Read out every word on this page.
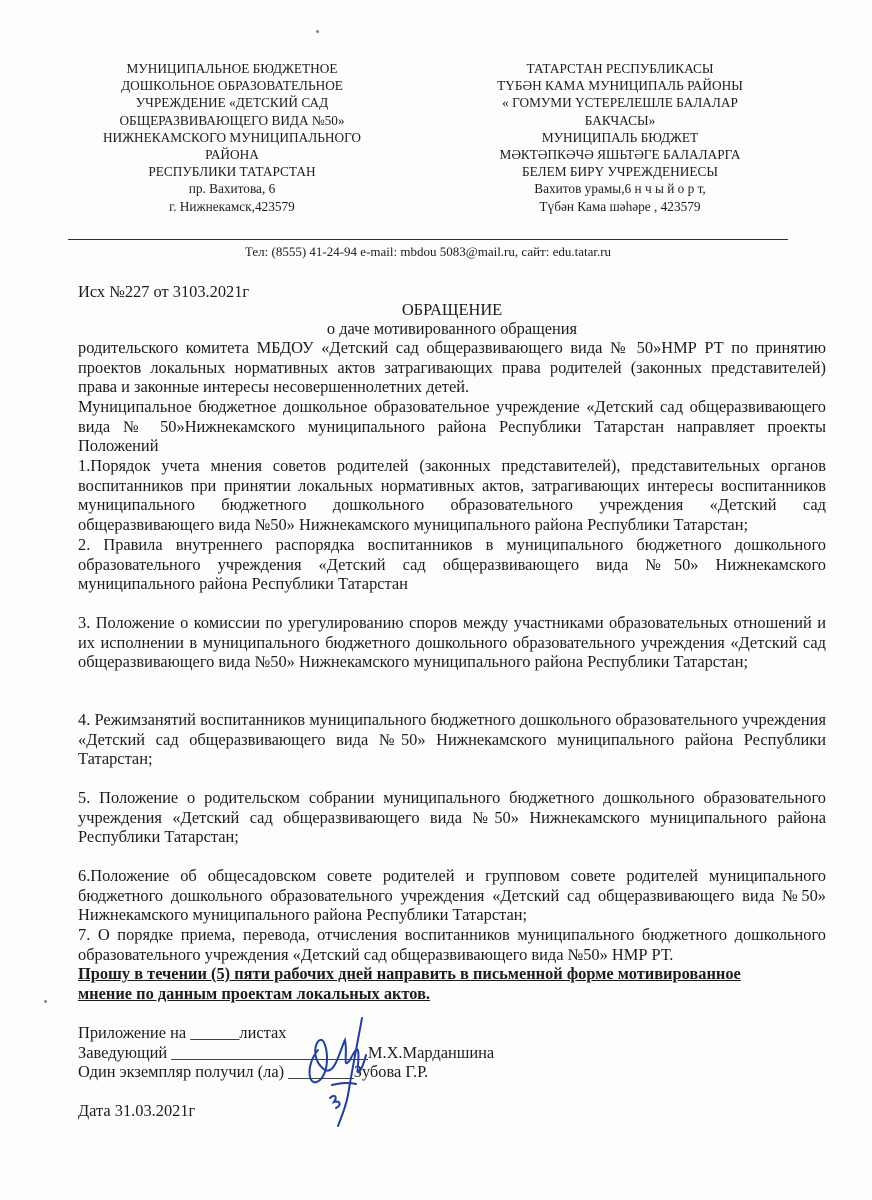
МУНИЦИПАЛЬНОЕ БЮДЖЕТНОЕ
ДОШКОЛЬНОЕ ОБРАЗОВАТЕЛЬНОЕ
УЧРЕЖДЕНИЕ «ДЕТСКИЙ САД
ОБЩЕРАЗВИВАЮЩЕГО ВИДА №50»
НИЖНЕКАМСКОГО МУНИЦИПАЛЬНОГО
РАЙОНА
РЕСПУБЛИКИ ТАТАРСТАН
пр. Вахитова, 6
г. Нижнекамск,423579
ТАТАРСТАН РЕСПУБЛИКАСЫ
ТҮБӘН КАМА МУНИЦИПАЛЬ РАЙОНЫ
« ГОМУМИ ҮСТЕРЕЛЕШЛЕ БАЛАЛАР
БАКЧАСЫ»
МУНИЦИПАЛЬ БЮДЖЕТ
МӘКТӘПКӘЧӘ ЯШЬТӘГЕ БАЛАЛАРГА
БЕЛЕМ БИРҮ УЧРЕЖДЕНИЕСЫ
Вахитов урамы,6 н ч ы й о р т,
Түбән Кама шәһәре , 423579
Тел: (8555) 41-24-94 e-mail: mbdou 5083@mail.ru, сайт: edu.tatar.ru
Исх №227 от 3103.2021г
ОБРАЩЕНИЕ
о даче мотивированного обращения
родительского комитета МБДОУ «Детский сад общеразвивающего вида № 50»НМР РТ по принятию проектов локальных нормативных актов затрагивающих права родителей (законных представителей) права и законные интересы несовершеннолетних детей.
Муниципальное бюджетное дошкольное образовательное учреждение «Детский сад общеразвивающего вида № 50»Нижнекамского муниципального района Республики Татарстан направляет проекты Положений
1.Порядок учета мнения советов родителей (законных представителей), представительных органов воспитанников при принятии локальных нормативных актов, затрагивающих интересы воспитанников муниципального бюджетного дошкольного образовательного учреждения «Детский сад общеразвивающего вида №50» Нижнекамского муниципального района Республики Татарстан;
2. Правила внутреннего распорядка воспитанников в муниципального бюджетного дошкольного образовательного учреждения «Детский сад общеразвивающего вида №50» Нижнекамского муниципального района Республики Татарстан
3. Положение о комиссии по урегулированию споров между участниками образовательных отношений и их исполнении в муниципального бюджетного дошкольного образовательного учреждения «Детский сад общеразвивающего вида №50» Нижнекамского муниципального района Республики Татарстан;
4. Режимзанятий воспитанников муниципального бюджетного дошкольного образовательного учреждения «Детский сад общеразвивающего вида №50» Нижнекамского муниципального района Республики Татарстан;
5. Положение о родительском собрании муниципального бюджетного дошкольного образовательного учреждения «Детский сад общеразвивающего вида №50» Нижнекамского муниципального района Республики Татарстан;
6.Положение об общесадовском совете родителей и групповом совете родителей муниципального бюджетного дошкольного образовательного учреждения «Детский сад общеразвивающего вида №50» Нижнекамского муниципального района Республики Татарстан;
7. О порядке приема, перевода, отчисления воспитанников муниципального бюджетного дошкольного образовательного учреждения «Детский сад общеразвивающего вида №50» НМР РТ.
Прошу в течении (5) пяти рабочих дней направить в письменной форме мотивированное мнение по данным проектам локальных актов.
Приложение на ______листах
Заведующий ________________________М.Х.Марданшина
Один экземпляр получил (ла) ________Зубова Г.Р.
Дата 31.03.2021г
